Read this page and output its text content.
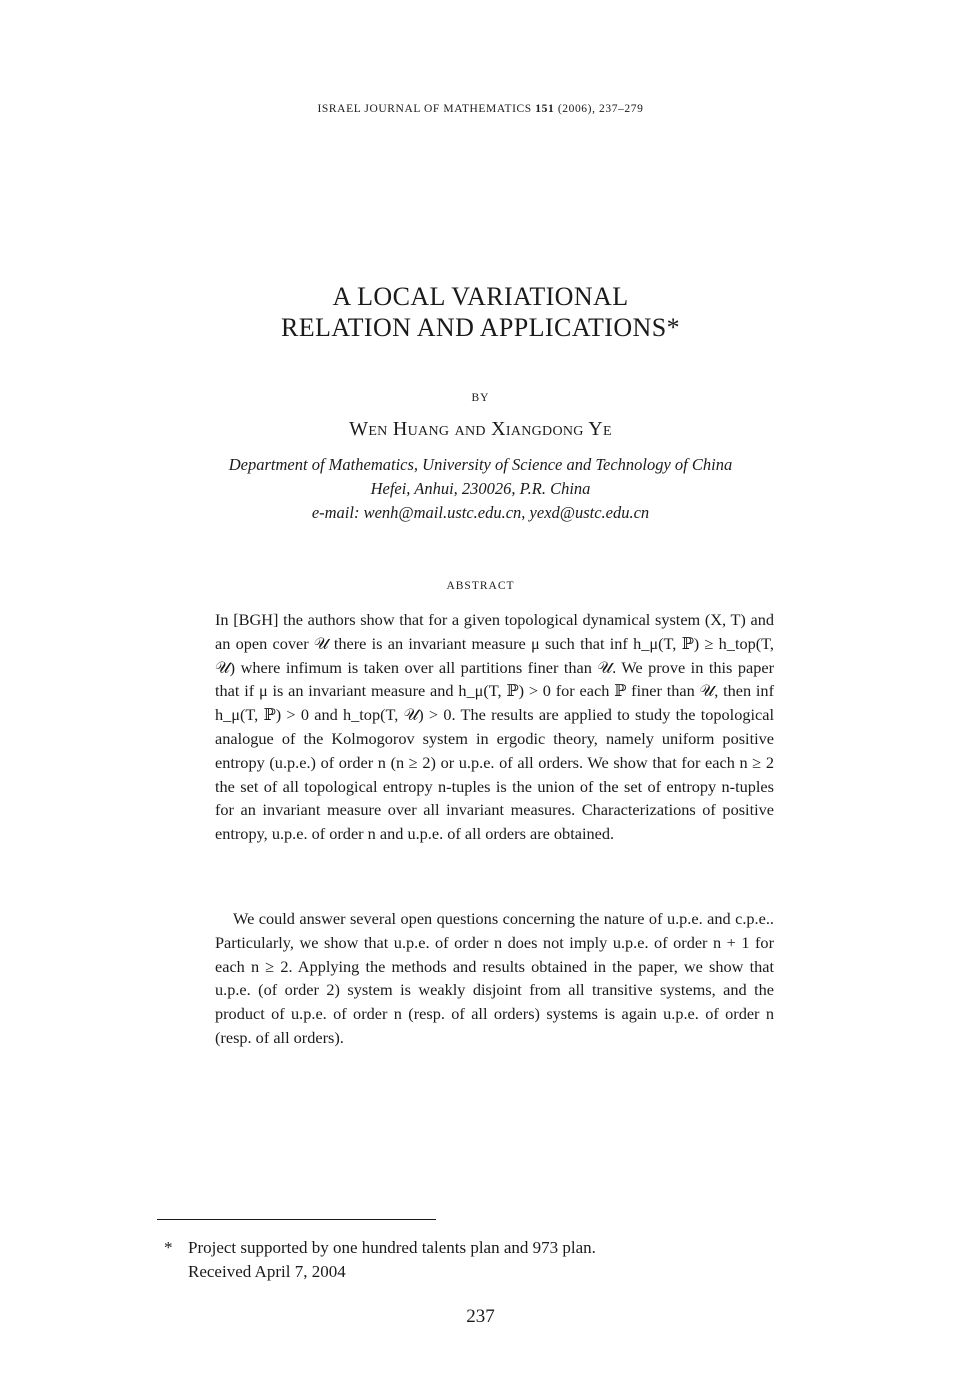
ISRAEL JOURNAL OF MATHEMATICS 151 (2006), 237–279
A LOCAL VARIATIONAL
RELATION AND APPLICATIONS*
BY
Wen Huang and Xiangdong Ye
Department of Mathematics, University of Science and Technology of China
Hefei, Anhui, 230026, P.R. China
e-mail: wenh@mail.ustc.edu.cn, yexd@ustc.edu.cn
ABSTRACT
In [BGH] the authors show that for a given topological dynamical system (X, T) and an open cover 𝒰 there is an invariant measure μ such that inf h_μ(T, ℙ) ≥ h_top(T, 𝒰) where infimum is taken over all partitions finer than 𝒰. We prove in this paper that if μ is an invariant measure and h_μ(T, ℙ) > 0 for each ℙ finer than 𝒰, then inf h_μ(T, ℙ) > 0 and h_top(T, 𝒰) > 0. The results are applied to study the topological analogue of the Kolmogorov system in ergodic theory, namely uniform positive entropy (u.p.e.) of order n (n ≥ 2) or u.p.e. of all orders. We show that for each n ≥ 2 the set of all topological entropy n-tuples is the union of the set of entropy n-tuples for an invariant measure over all invariant measures. Characterizations of positive entropy, u.p.e. of order n and u.p.e. of all orders are obtained.
We could answer several open questions concerning the nature of u.p.e. and c.p.e.. Particularly, we show that u.p.e. of order n does not imply u.p.e. of order n + 1 for each n ≥ 2. Applying the methods and results obtained in the paper, we show that u.p.e. (of order 2) system is weakly disjoint from all transitive systems, and the product of u.p.e. of order n (resp. of all orders) systems is again u.p.e. of order n (resp. of all orders).
* Project supported by one hundred talents plan and 973 plan.
Received April 7, 2004
237
